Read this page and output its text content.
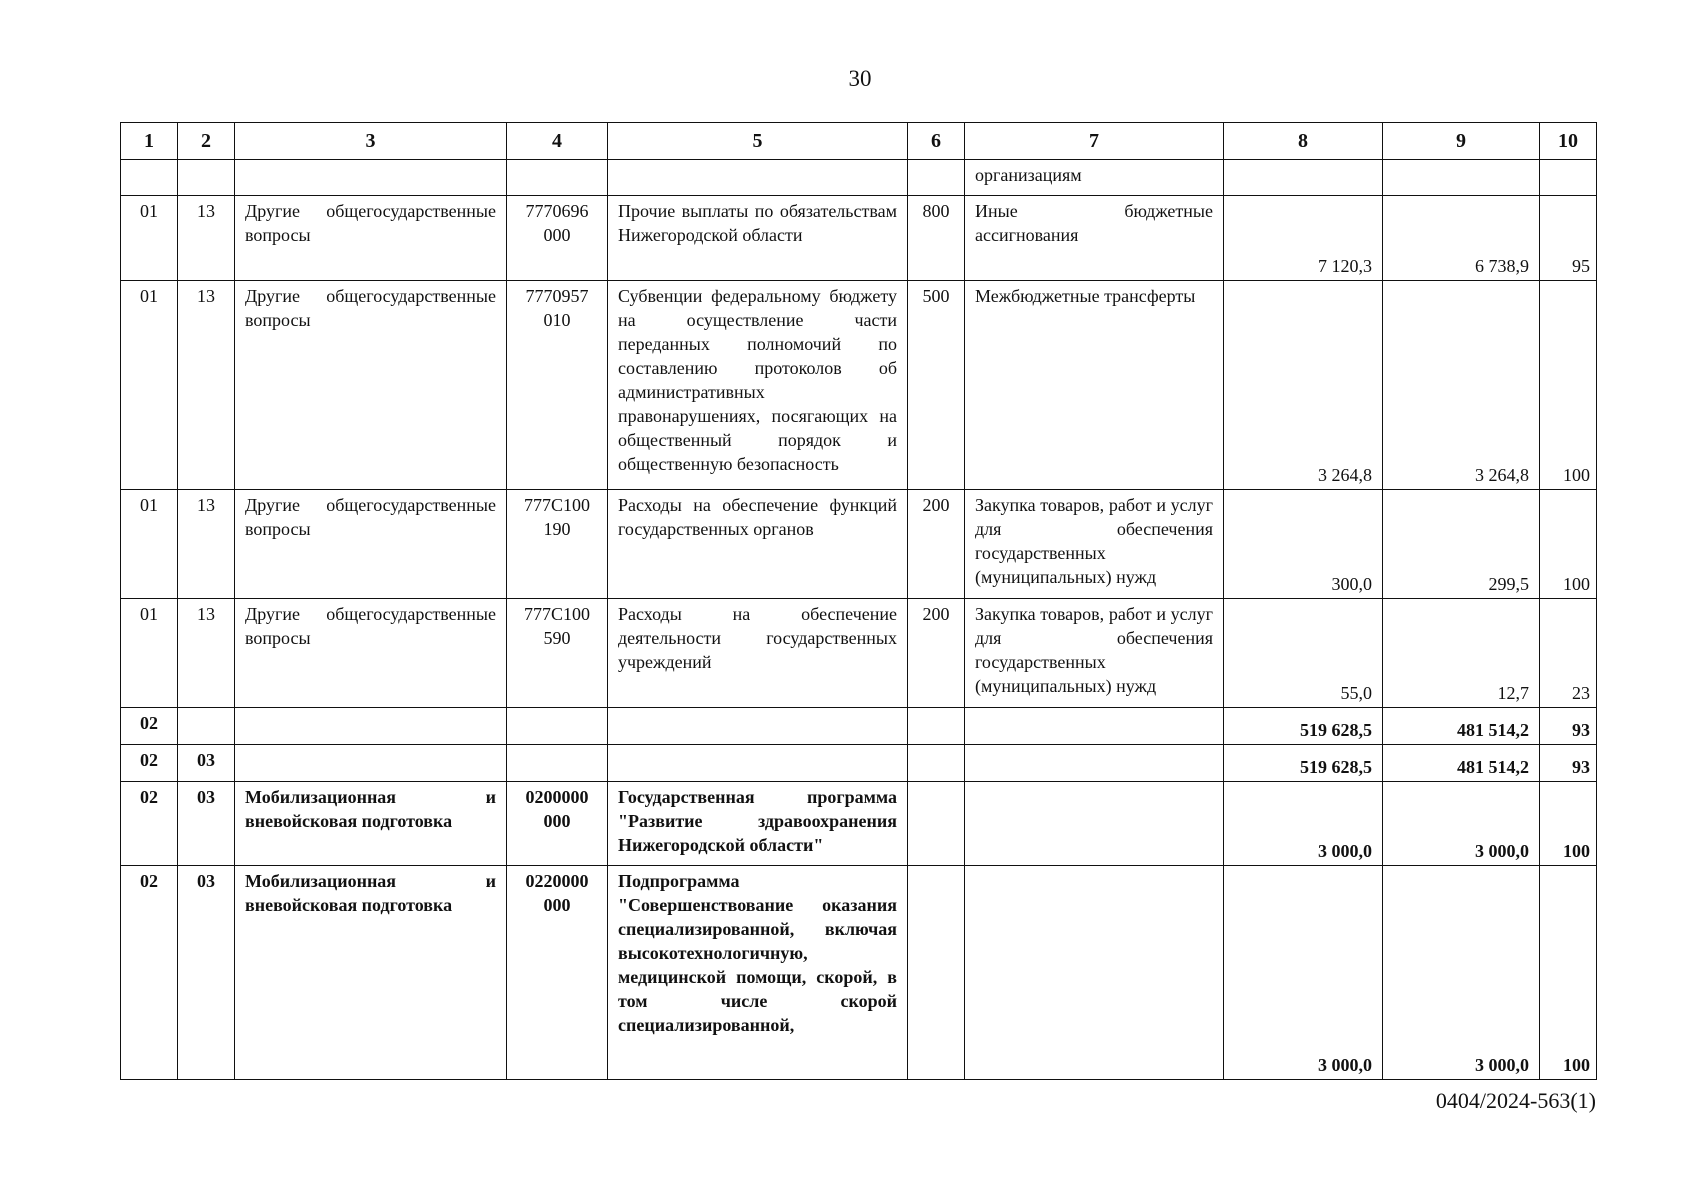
30
1	2	3	4	5	6	7	8	9	10
						организациям			
01	13	Другие общегосударственные вопросы	7770696 000	Прочие выплаты по обязательствам Нижегородской области	800	Иные бюджетные ассигнования	7 120,3	6 738,9	95
01	13	Другие общегосударственные вопросы	7770957 010	Субвенции федеральному бюджету на осуществление части переданных полномочий по составлению протоколов об административных правонарушениях, посягающих на общественный порядок и общественную безопасность	500	Межбюджетные трансферты	3 264,8	3 264,8	100
01	13	Другие общегосударственные вопросы	777С100 190	Расходы на обеспечение функций государственных органов	200	Закупка товаров, работ и услуг для обеспечения государственных (муниципальных) нужд	300,0	299,5	100
01	13	Другие общегосударственные вопросы	777С100 590	Расходы на обеспечение деятельности государственных учреждений	200	Закупка товаров, работ и услуг для обеспечения государственных (муниципальных) нужд	55,0	12,7	23
02							519 628,5	481 514,2	93
02	03						519 628,5	481 514,2	93
02	03	Мобилизационная и вневойсковая подготовка	0200000 000	Государственная программа "Развитие здравоохранения Нижегородской области"			3 000,0	3 000,0	100
02	03	Мобилизационная и вневойсковая подготовка	0220000 000	Подпрограмма "Совершенствование оказания специализированной, включая высокотехнологичную, медицинской помощи, скорой, в том числе скорой специализированной,			3 000,0	3 000,0	100
0404/2024-563(1)
